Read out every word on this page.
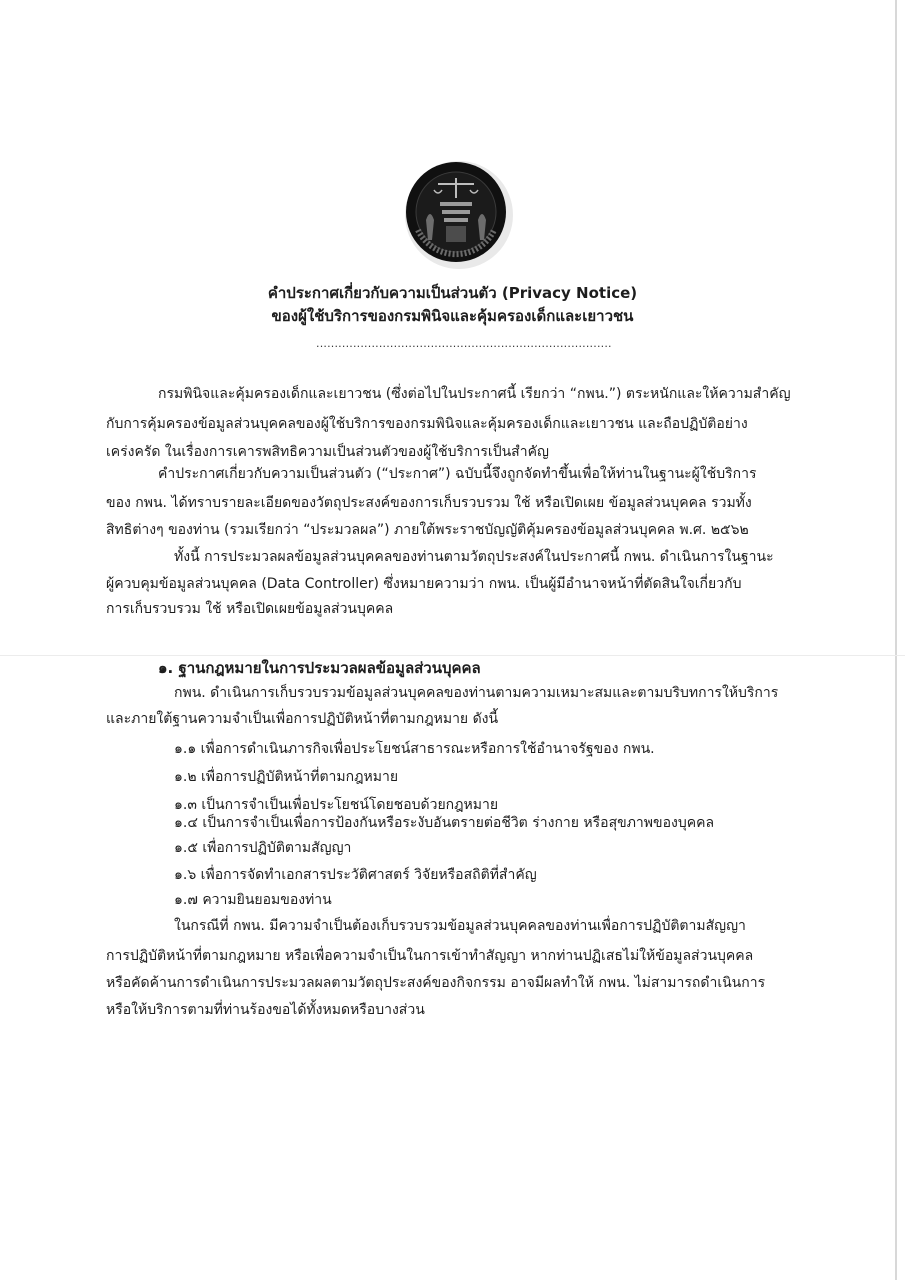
คำประกาศเกี่ยวกับความเป็นส่วนตัว (Privacy Notice)
ของผู้ใช้บริการของกรมพินิจและคุ้มครองเด็กและเยาวชน
................................................................................
กรมพินิจและคุ้มครองเด็กและเยาวชน (ซึ่งต่อไปในประกาศนี้ เรียกว่า “กพน.”) ตระหนักและให้ความสำคัญ
กับการคุ้มครองข้อมูลส่วนบุคคลของผู้ใช้บริการของกรมพินิจและคุ้มครองเด็กและเยาวชน และถือปฏิบัติอย่าง
เคร่งครัด ในเรื่องการเคารพสิทธิความเป็นส่วนตัวของผู้ใช้บริการเป็นสำคัญ
คำประกาศเกี่ยวกับความเป็นส่วนตัว (“ประกาศ”) ฉบับนี้จึงถูกจัดทำขึ้นเพื่อให้ท่านในฐานะผู้ใช้บริการ
ของ กพน. ได้ทราบรายละเอียดของวัตถุประสงค์ของการเก็บรวบรวม ใช้ หรือเปิดเผย ข้อมูลส่วนบุคคล รวมทั้ง
สิทธิต่างๆ ของท่าน (รวมเรียกว่า “ประมวลผล”) ภายใต้พระราชบัญญัติคุ้มครองข้อมูลส่วนบุคคล พ.ศ. ๒๕๖๒
ทั้งนี้ การประมวลผลข้อมูลส่วนบุคคลของท่านตามวัตถุประสงค์ในประกาศนี้ กพน. ดำเนินการในฐานะ
ผู้ควบคุมข้อมูลส่วนบุคคล (Data Controller) ซึ่งหมายความว่า กพน. เป็นผู้มีอำนาจหน้าที่ตัดสินใจเกี่ยวกับ
การเก็บรวบรวม ใช้ หรือเปิดเผยข้อมูลส่วนบุคคล
๑. ฐานกฎหมายในการประมวลผลข้อมูลส่วนบุคคล
กพน. ดำเนินการเก็บรวบรวมข้อมูลส่วนบุคคลของท่านตามความเหมาะสมและตามบริบทการให้บริการ
และภายใต้ฐานความจำเป็นเพื่อการปฏิบัติหน้าที่ตามกฎหมาย ดังนี้
๑.๑ เพื่อการดำเนินภารกิจเพื่อประโยชน์สาธารณะหรือการใช้อำนาจรัฐของ กพน.
๑.๒ เพื่อการปฏิบัติหน้าที่ตามกฎหมาย
๑.๓ เป็นการจำเป็นเพื่อประโยชน์โดยชอบด้วยกฎหมาย
๑.๔ เป็นการจำเป็นเพื่อการป้องกันหรือระงับอันตรายต่อชีวิต ร่างกาย หรือสุขภาพของบุคคล
๑.๕ เพื่อการปฏิบัติตามสัญญา
๑.๖ เพื่อการจัดทำเอกสารประวัติศาสตร์ วิจัยหรือสถิติที่สำคัญ
๑.๗ ความยินยอมของท่าน
ในกรณีที่ กพน. มีความจำเป็นต้องเก็บรวบรวมข้อมูลส่วนบุคคลของท่านเพื่อการปฏิบัติตามสัญญา
การปฏิบัติหน้าที่ตามกฎหมาย หรือเพื่อความจำเป็นในการเข้าทำสัญญา หากท่านปฏิเสธไม่ให้ข้อมูลส่วนบุคคล
หรือคัดค้านการดำเนินการประมวลผลตามวัตถุประสงค์ของกิจกรรม อาจมีผลทำให้ กพน. ไม่สามารถดำเนินการ
หรือให้บริการตามที่ท่านร้องขอได้ทั้งหมดหรือบางส่วน
